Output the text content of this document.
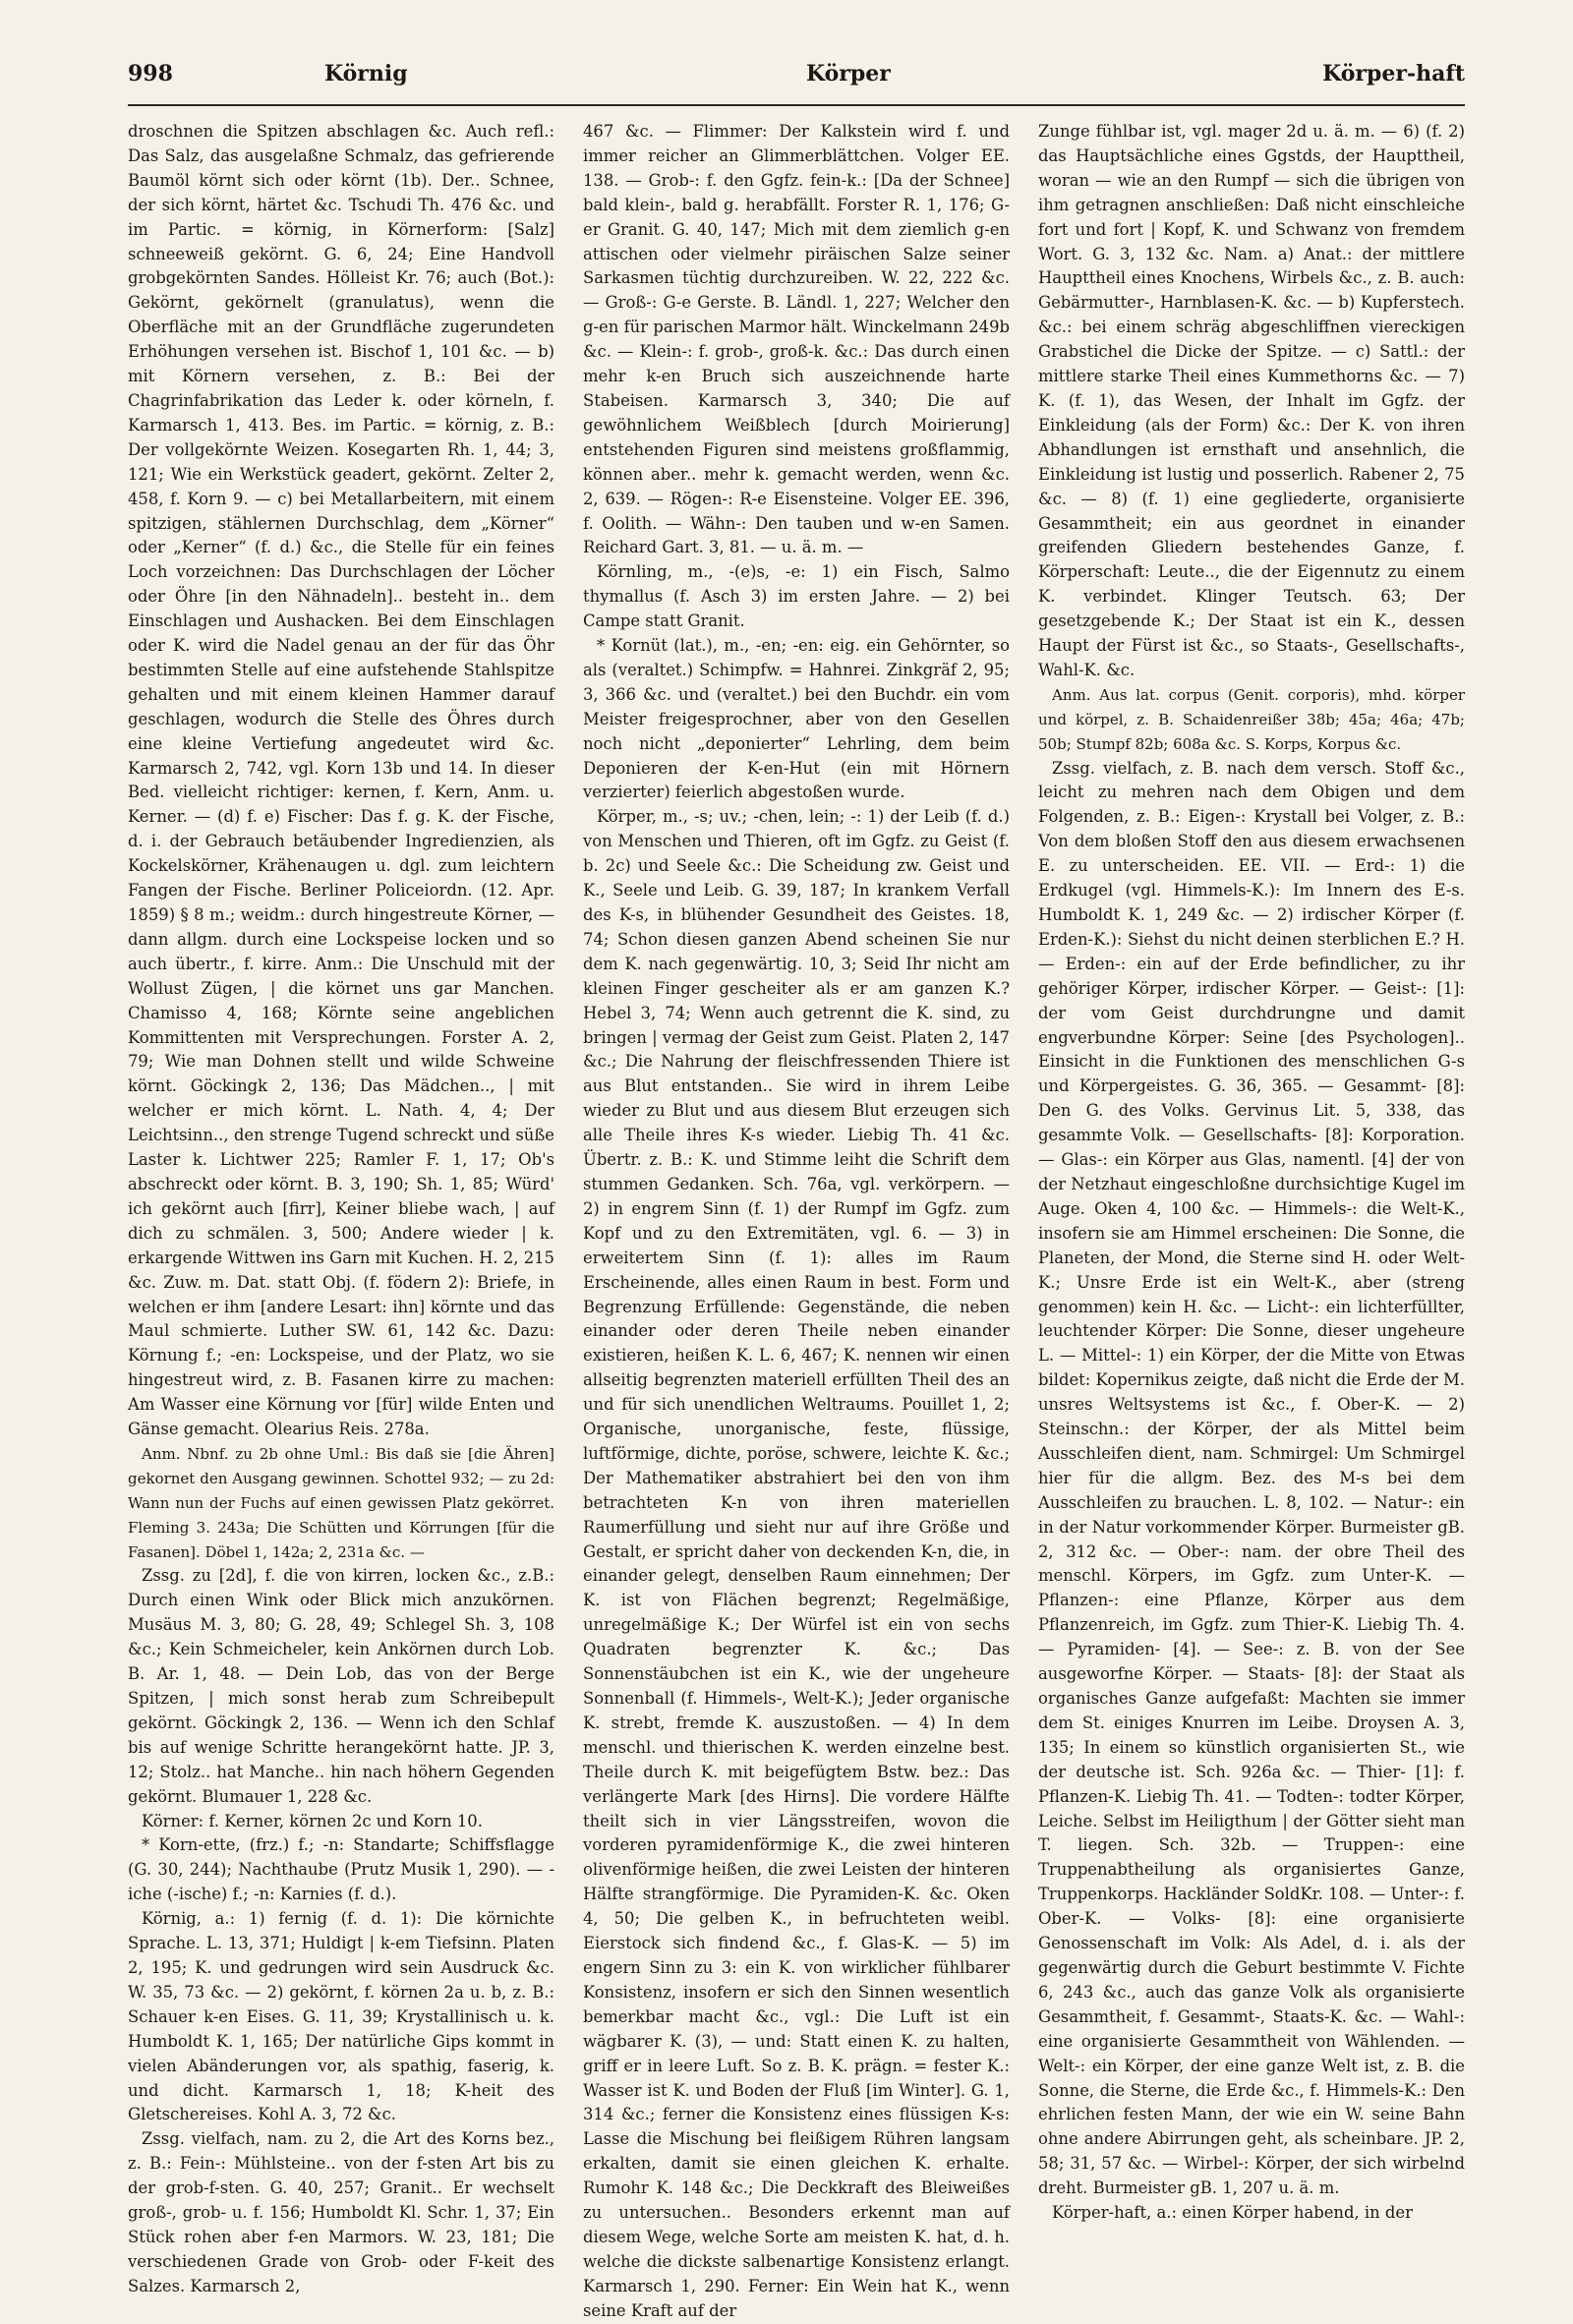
998	Körnig	Körper	Körper-haft

droschnen die Spitzen abschlagen &c. Auch refl.: Das Salz, das ausgelaßne Schmalz, das gefrierende Baumöl körnt sich oder körnt (1b). Der.. Schnee, der sich körnt, härtet &c. Tschudi Th. 476 &c. und im Partic. = körnig, in Körnerform: [Salz] schneeweiß gekörnt. G. 6, 24; Eine Handvoll grobgekörnten Sandes. Hölleist Kr. 76; auch (Bot.): Gekörnt, gekörnelt (granulatus), wenn die Oberfläche mit an der Grundfläche zugerundeten Erhöhungen versehen ist. Bischof 1, 101 &c. — b) mit Körnern versehen, z. B.: Bei der Chagrinfabrikation das Leder k. oder körneln, f. Karmarsch 1, 413. Bes. im Partic. = körnig, z. B.: Der vollgekörnte Weizen. Kosegarten Rh. 1, 44; 3, 121; Wie ein Werkstück geadert, gekörnt. Zelter 2, 458, f. Korn 9. — c) bei Metallarbeitern, mit einem spitzigen, stählernen Durchschlag, dem „Körner“ oder „Kerner“ (f. d.) &c., die Stelle für ein feines Loch vorzeichnen: Das Durchschlagen der Löcher oder Öhre [in den Nähnadeln].. besteht in.. dem Einschlagen und Aushacken. Bei dem Einschlagen oder K. wird die Nadel genau an der für das Öhr bestimmten Stelle auf eine aufstehende Stahlspitze gehalten und mit einem kleinen Hammer darauf geschlagen, wodurch die Stelle des Öhres durch eine kleine Vertiefung angedeutet wird &c. Karmarsch 2, 742, vgl. Korn 13b und 14. In dieser Bed. vielleicht richtiger: kernen, f. Kern, Anm. u. Kerner. — (d) f. e) Fischer: Das f. g. K. der Fische, d. i. der Gebrauch betäubender Ingredienzien, als Kockelskörner, Krähenaugen u. dgl. zum leichtern Fangen der Fische. Berliner Policeiordn. (12. Apr. 1859) § 8 m.; weidm.: durch hingestreute Körner, — dann allgm. durch eine Lockspeise locken und so auch übertr., f. kirre. Anm.: Die Unschuld mit der Wollust Zügen, | die körnet uns gar Manchen. Chamisso 4, 168; Körnte seine angeblichen Kommittenten mit Versprechungen. Forster A. 2, 79; Wie man Dohnen stellt und wilde Schweine körnt. Göckingk 2, 136; Das Mädchen.., | mit welcher er mich körnt. L. Nath. 4, 4; Der Leichtsinn.., den strenge Tugend schreckt und süße Laster k. Lichtwer 225; Ramler F. 1, 17; Ob's abschreckt oder körnt. B. 3, 190; Sh. 1, 85; Würd' ich gekörnt auch [firr], Keiner bliebe wach, | auf dich zu schmälen. 3, 500; Andere wieder | k. erkargende Wittwen ins Garn mit Kuchen. H. 2, 215 &c. Zuw. m. Dat. statt Obj. (f. födern 2): Briefe, in welchen er ihm [andere Lesart: ihn] körnte und das Maul schmierte. Luther SW. 61, 142 &c. Dazu: Körnung f.; -en: Lockspeise, und der Platz, wo sie hingestreut wird, z. B. Fasanen kirre zu machen: Am Wasser eine Körnung vor [für] wilde Enten und Gänse gemacht. Olearius Reis. 278a.

Anm. Nbnf. zu 2b ohne Uml.: Bis daß sie [die Ähren] gekornet den Ausgang gewinnen. Schottel 932; — zu 2d: Wann nun der Fuchs auf einen gewissen Platz gekörret. Fleming 3. 243a; Die Schütten und Körrungen [für die Fasanen]. Döbel 1, 142a; 2, 231a &c. —

Zssg. zu [2d], f. die von kirren, locken &c., z.B.: Durch einen Wink oder Blick mich anzukörnen. Musäus M. 3, 80; G. 28, 49; Schlegel Sh. 3, 108 &c.; Kein Schmeicheler, kein Ankörnen durch Lob. B. Ar. 1, 48. — Dein Lob, das von der Berge Spitzen, | mich sonst herab zum Schreibepult gekörnt. Göckingk 2, 136. — Wenn ich den Schlaf bis auf wenige Schritte herangekörnt hatte. JP. 3, 12; Stolz.. hat Manche.. hin nach höhern Gegenden gekörnt. Blumauer 1, 228 &c.

Körner: f. Kerner, körnen 2c und Korn 10.

* Korn-ette, (frz.) f.; -n: Standarte; Schiffsflagge (G. 30, 244); Nachthaube (Prutz Musik 1, 290). — -iche (-ische) f.; -n: Karnies (f. d.).

Körnig, a.: 1) fernig (f. d. 1): Die körnichte Sprache. L. 13, 371; Huldigt | k-em Tiefsinn. Platen 2, 195; K. und gedrungen wird sein Ausdruck &c. W. 35, 73 &c. — 2) gekörnt, f. körnen 2a u. b, z. B.: Schauer k-en Eises. G. 11, 39; Krystallinisch u. k. Humboldt K. 1, 165; Der natürliche Gips kommt in vielen Abänderungen vor, als spathig, faserig, k. und dicht. Karmarsch 1, 18; K-heit des Gletschereises. Kohl A. 3, 72 &c.

Zssg. vielfach, nam. zu 2, die Art des Korns bez., z. B.: Fein-: Mühlsteine.. von der f-sten Art bis zu der grob-f-sten. G. 40, 257; Granit.. Er wechselt groß-, grob- u. f. 156; Humboldt Kl. Schr. 1, 37; Ein Stück rohen aber f-en Marmors. W. 23, 181; Die verschiedenen Grade von Grob- oder F-keit des Salzes. Karmarsch 2,

467 &c. — Flimmer: Der Kalkstein wird f. und immer reicher an Glimmerblättchen. Volger EE. 138. — Grob-: f. den Ggfz. fein-k.: [Da der Schnee] bald klein-, bald g. herabfällt. Forster R. 1, 176; G-er Granit. G. 40, 147; Mich mit dem ziemlich g-en attischen oder vielmehr piräischen Salze seiner Sarkasmen tüchtig durchzureiben. W. 22, 222 &c. — Groß-: G-e Gerste. B. Ländl. 1, 227; Welcher den g-en für parischen Marmor hält. Winckelmann 249b &c. — Klein-: f. grob-, groß-k. &c.: Das durch einen mehr k-en Bruch sich auszeichnende harte Stabeisen. Karmarsch 3, 340; Die auf gewöhnlichem Weißblech [durch Moirierung] entstehenden Figuren sind meistens großflammig, können aber.. mehr k. gemacht werden, wenn &c. 2, 639. — Rögen-: R-e Eisensteine. Volger EE. 396, f. Oolith. — Wähn-: Den tauben und w-en Samen. Reichard Gart. 3, 81. — u. ä. m. —

Körnling, m., -(e)s, -e: 1) ein Fisch, Salmo thymallus (f. Asch 3) im ersten Jahre. — 2) bei Campe statt Granit.

* Kornüt (lat.), m., -en; -en: eig. ein Gehörnter, so als (veraltet.) Schimpfw. = Hahnrei. Zinkgräf 2, 95; 3, 366 &c. und (veraltet.) bei den Buchdr. ein vom Meister freigesprochner, aber von den Gesellen noch nicht „deponierter“ Lehrling, dem beim Deponieren der K-en-Hut (ein mit Hörnern verzierter) feierlich abgestoßen wurde.

Körper, m., -s; uv.; -chen, lein; -: 1) der Leib (f. d.) von Menschen und Thieren, oft im Ggfz. zu Geist (f. b. 2c) und Seele &c.: Die Scheidung zw. Geist und K., Seele und Leib. G. 39, 187; In krankem Verfall des K-s, in blühender Gesundheit des Geistes. 18, 74; Schon diesen ganzen Abend scheinen Sie nur dem K. nach gegenwärtig. 10, 3; Seid Ihr nicht am kleinen Finger gescheiter als er am ganzen K.? Hebel 3, 74; Wenn auch getrennt die K. sind, zu bringen | vermag der Geist zum Geist. Platen 2, 147 &c.; Die Nahrung der fleischfressenden Thiere ist aus Blut entstanden.. Sie wird in ihrem Leibe wieder zu Blut und aus diesem Blut erzeugen sich alle Theile ihres K-s wieder. Liebig Th. 41 &c. Übertr. z. B.: K. und Stimme leiht die Schrift dem stummen Gedanken. Sch. 76a, vgl. verkörpern. — 2) in engrem Sinn (f. 1) der Rumpf im Ggfz. zum Kopf und zu den Extremitäten, vgl. 6. — 3) in erweitertem Sinn (f. 1): alles im Raum Erscheinende, alles einen Raum in best. Form und Begrenzung Erfüllende: Gegenstände, die neben einander oder deren Theile neben einander existieren, heißen K. L. 6, 467; K. nennen wir einen allseitig begrenzten materiell erfüllten Theil des an und für sich unendlichen Weltraums. Pouillet 1, 2; Organische, unorganische, feste, flüssige, luftförmige, dichte, poröse, schwere, leichte K. &c.; Der Mathematiker abstrahiert bei den von ihm betrachteten K-n von ihren materiellen Raumerfüllung und sieht nur auf ihre Größe und Gestalt, er spricht daher von deckenden K-n, die, in einander gelegt, denselben Raum einnehmen; Der K. ist von Flächen begrenzt; Regelmäßige, unregelmäßige K.; Der Würfel ist ein von sechs Quadraten begrenzter K. &c.; Das Sonnenstäubchen ist ein K., wie der ungeheure Sonnenball (f. Himmels-, Welt-K.); Jeder organische K. strebt, fremde K. auszustoßen. — 4) In dem menschl. und thierischen K. werden einzelne best. Theile durch K. mit beigefügtem Bstw. bez.: Das verlängerte Mark [des Hirns]. Die vordere Hälfte theilt sich in vier Längsstreifen, wovon die vorderen pyramidenförmige K., die zwei hinteren olivenförmige heißen, die zwei Leisten der hinteren Hälfte strangförmige. Die Pyramiden-K. &c. Oken 4, 50; Die gelben K., in befruchteten weibl. Eierstock sich findend &c., f. Glas-K. — 5) im engern Sinn zu 3: ein K. von wirklicher fühlbarer Konsistenz, insofern er sich den Sinnen wesentlich bemerkbar macht &c., vgl.: Die Luft ist ein wägbarer K. (3), — und: Statt einen K. zu halten, griff er in leere Luft. So z. B. K. prägn. = fester K.: Wasser ist K. und Boden der Fluß [im Winter]. G. 1, 314 &c.; ferner die Konsistenz eines flüssigen K-s: Lasse die Mischung bei fleißigem Rühren langsam erkalten, damit sie einen gleichen K. erhalte. Rumohr K. 148 &c.; Die Deckkraft des Bleiweißes zu untersuchen.. Besonders erkennt man auf diesem Wege, welche Sorte am meisten K. hat, d. h. welche die dickste salbenartige Konsistenz erlangt. Karmarsch 1, 290. Ferner: Ein Wein hat K., wenn seine Kraft auf der

Zunge fühlbar ist, vgl. mager 2d u. ä. m. — 6) (f. 2) das Hauptsächliche eines Ggstds, der Haupttheil, woran — wie an den Rumpf — sich die übrigen von ihm getragnen anschließen: Daß nicht einschleiche fort und fort | Kopf, K. und Schwanz von fremdem Wort. G. 3, 132 &c. Nam. a) Anat.: der mittlere Haupttheil eines Knochens, Wirbels &c., z. B. auch: Gebärmutter-, Harnblasen-K. &c. — b) Kupferstech. &c.: bei einem schräg abgeschliffnen viereckigen Grabstichel die Dicke der Spitze. — c) Sattl.: der mittlere starke Theil eines Kummethorns &c. — 7) K. (f. 1), das Wesen, der Inhalt im Ggfz. der Einkleidung (als der Form) &c.: Der K. von ihren Abhandlungen ist ernsthaft und ansehnlich, die Einkleidung ist lustig und posserlich. Rabener 2, 75 &c. — 8) (f. 1) eine gegliederte, organisierte Gesammtheit; ein aus geordnet in einander greifenden Gliedern bestehendes Ganze, f. Körperschaft: Leute.., die der Eigennutz zu einem K. verbindet. Klinger Teutsch. 63; Der gesetzgebende K.; Der Staat ist ein K., dessen Haupt der Fürst ist &c., so Staats-, Gesellschafts-, Wahl-K. &c.

Anm. Aus lat. corpus (Genit. corporis), mhd. körper und körpel, z. B. Schaidenreißer 38b; 45a; 46a; 47b; 50b; Stumpf 82b; 608a &c. S. Korps, Korpus &c.

Zssg. vielfach, z. B. nach dem versch. Stoff &c., leicht zu mehren nach dem Obigen und dem Folgenden, z. B.: Eigen-: Krystall bei Volger, z. B.: Von dem bloßen Stoff den aus diesem erwachsenen E. zu unterscheiden. EE. VII. — Erd-: 1) die Erdkugel (vgl. Himmels-K.): Im Innern des E-s. Humboldt K. 1, 249 &c. — 2) irdischer Körper (f. Erden-K.): Siehst du nicht deinen sterblichen E.? H. — Erden-: ein auf der Erde befindlicher, zu ihr gehöriger Körper, irdischer Körper. — Geist-: [1]: der vom Geist durchdrungne und damit engverbundne Körper: Seine [des Psychologen].. Einsicht in die Funktionen des menschlichen G-s und Körpergeistes. G. 36, 365. — Gesammt- [8]: Den G. des Volks. Gervinus Lit. 5, 338, das gesammte Volk. — Gesellschafts- [8]: Korporation. — Glas-: ein Körper aus Glas, namentl. [4] der von der Netzhaut eingeschloßne durchsichtige Kugel im Auge. Oken 4, 100 &c. — Himmels-: die Welt-K., insofern sie am Himmel erscheinen: Die Sonne, die Planeten, der Mond, die Sterne sind H. oder Welt-K.; Unsre Erde ist ein Welt-K., aber (streng genommen) kein H. &c. — Licht-: ein lichterfüllter, leuchtender Körper: Die Sonne, dieser ungeheure L. — Mittel-: 1) ein Körper, der die Mitte von Etwas bildet: Kopernikus zeigte, daß nicht die Erde der M. unsres Weltsystems ist &c., f. Ober-K. — 2) Steinschn.: der Körper, der als Mittel beim Ausschleifen dient, nam. Schmirgel: Um Schmirgel hier für die allgm. Bez. des M-s bei dem Ausschleifen zu brauchen. L. 8, 102. — Natur-: ein in der Natur vorkommender Körper. Burmeister gB. 2, 312 &c. — Ober-: nam. der obre Theil des menschl. Körpers, im Ggfz. zum Unter-K. — Pflanzen-: eine Pflanze, Körper aus dem Pflanzenreich, im Ggfz. zum Thier-K. Liebig Th. 4. — Pyramiden- [4]. — See-: z. B. von der See ausgeworfne Körper. — Staats- [8]: der Staat als organisches Ganze aufgefaßt: Machten sie immer dem St. einiges Knurren im Leibe. Droysen A. 3, 135; In einem so künstlich organisierten St., wie der deutsche ist. Sch. 926a &c. — Thier- [1]: f. Pflanzen-K. Liebig Th. 41. — Todten-: todter Körper, Leiche. Selbst im Heiligthum | der Götter sieht man T. liegen. Sch. 32b. — Truppen-: eine Truppenabtheilung als organisiertes Ganze, Truppenkorps. Hackländer SoldKr. 108. — Unter-: f. Ober-K. — Volks- [8]: eine organisierte Genossenschaft im Volk: Als Adel, d. i. als der gegenwärtig durch die Geburt bestimmte V. Fichte 6, 243 &c., auch das ganze Volk als organisierte Gesammtheit, f. Gesammt-, Staats-K. &c. — Wahl-: eine organisierte Gesammtheit von Wählenden. — Welt-: ein Körper, der eine ganze Welt ist, z. B. die Sonne, die Sterne, die Erde &c., f. Himmels-K.: Den ehrlichen festen Mann, der wie ein W. seine Bahn ohne andere Abirrungen geht, als scheinbare. JP. 2, 58; 31, 57 &c. — Wirbel-: Körper, der sich wirbelnd dreht. Burmeister gB. 1, 207 u. ä. m.

Körper-haft, a.: einen Körper habend, in der
